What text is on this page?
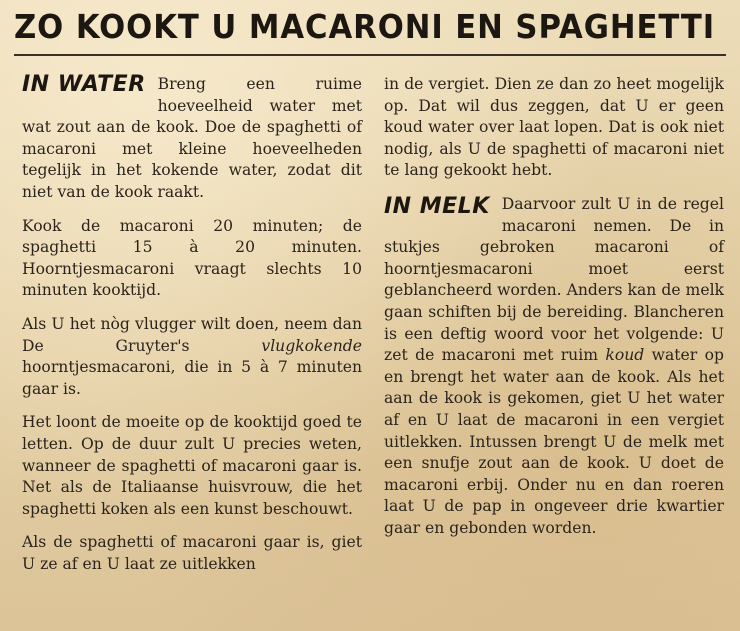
ZO KOOKT U MACARONI EN SPAGHETTI

IN WATER Breng een ruime hoeveelheid water met wat zout aan de kook. Doe de spaghetti of macaroni met kleine hoeveelheden tegelijk in het kokende water, zodat dit niet van de kook raakt.

Kook de macaroni 20 minuten; de spaghetti 15 à 20 minuten. Hoorntjesmacaroni vraagt slechts 10 minuten kooktijd.

Als U het nòg vlugger wilt doen, neem dan De Gruyter's	vlugkokende hoorntjesmacaroni, die in 5 à 7 minuten gaar is.

Het loont de moeite op de kooktijd goed te letten. Op de duur zult U precies weten, wanneer de spaghetti of macaroni gaar is. Net als de Italiaanse huisvrouw, die het spaghetti koken als een kunst beschouwt.

Als de spaghetti of macaroni gaar is, giet U ze af en U laat ze uitlekken

in de vergiet. Dien ze dan zo heet mogelijk op. Dat wil dus zeggen, dat U er geen koud water over laat lopen. Dat is ook niet nodig, als U de spaghetti of macaroni niet te lang gekookt hebt.

IN MELK Daarvoor zult U in de regel macaroni nemen. De in stukjes gebroken macaroni of hoorntjesmacaroni moet eerst geblancheerd worden. Anders kan de melk gaan schiften bij de bereiding. Blancheren is een deftig woord voor het volgende: U zet de macaroni met ruim koud water op en brengt het water aan de kook. Als het aan de kook is gekomen, giet U het water af en U laat de macaroni in een vergiet uitlekken. Intussen brengt U de melk met een snufje zout aan de kook. U doet de macaroni erbij. Onder nu en dan roeren laat U de pap in ongeveer drie kwartier gaar en gebonden worden.
